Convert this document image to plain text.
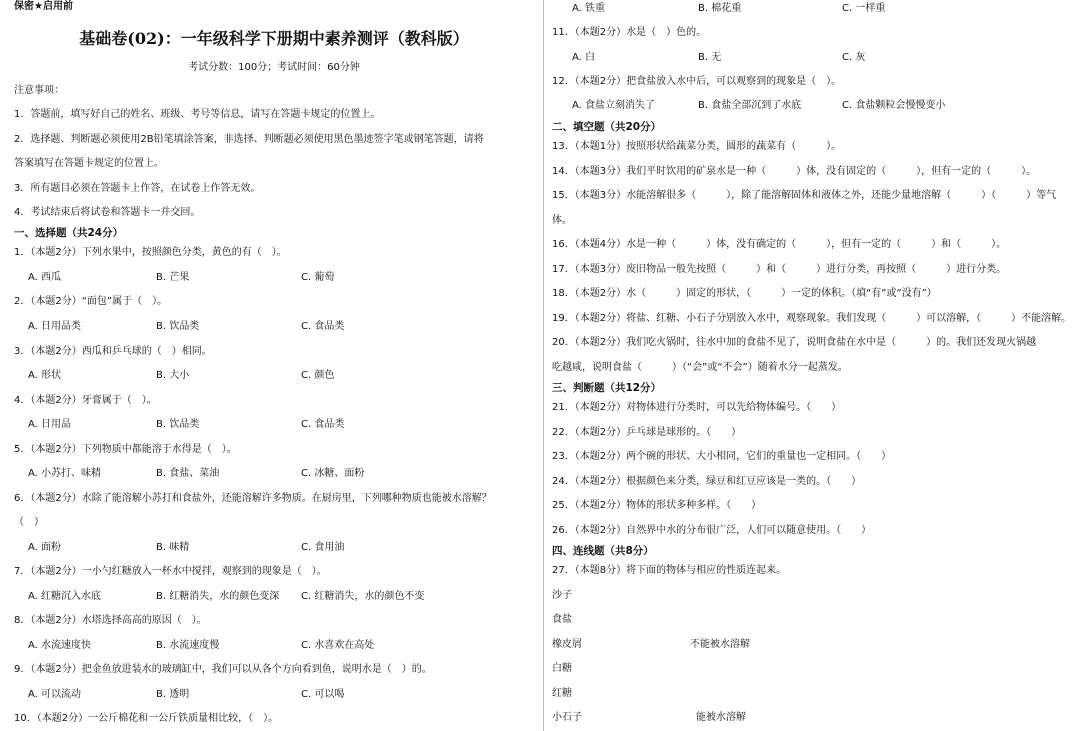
保密★启用前
基础卷(02)：一年级科学下册期中素养测评（教科版）
考试分数：100分；考试时间：60分钟
注意事项：
1．答题前，填写好自己的姓名、班级、考号等信息，请写在答题卡规定的位置上。
2．选择题、判断题必须使用2B铅笔填涂答案，非选择、判断题必须使用黑色墨迹签字笔或钢笔答题，请将
答案填写在答题卡规定的位置上。
3．所有题目必须在答题卡上作答，在试卷上作答无效。
4．考试结束后将试卷和答题卡一并交回。
一、选择题（共24分）
1．（本题2分）下列水果中，按照颜色分类，黄色的有（　）。
A. 西瓜	B. 芒果	C. 葡萄
2．（本题2分）“面包”属于（　）。
A. 日用品类	B. 饮品类	C. 食品类
3．（本题2分）西瓜和乒乓球的（　）相同。
A. 形状	B. 大小	C. 颜色
4．（本题2分）牙膏属于（　）。
A. 日用品	B. 饮品类	C. 食品类
5．（本题2分）下列物质中都能溶于水得是（　）。
A. 小苏打、味精	B. 食盐、菜油	C. 冰糖、面粉
6．（本题2分）水除了能溶解小苏打和食盐外，还能溶解许多物质。在厨房里，下列哪种物质也能被水溶解？
（　）
A. 面粉	B. 味精	C. 食用油
7．（本题2分）一小勺红糖放入一杯水中搅拌，观察到的现象是（　）。
A. 红糖沉入水底	B. 红糖消失，水的颜色变深 C. 红糖消失，水的颜色不变
8．（本题2分）水塔选择高高的原因（　）。
A. 水流速度快	B. 水流速度慢	C. 水喜欢在高处
9．（本题2分）把金鱼放进装水的玻璃缸中，我们可以从各个方向看到鱼，说明水是（　）的。
A. 可以流动	B. 透明	C. 可以喝
10．（本题2分）一公斤棉花和一公斤铁质量相比较，（　）。
A. 铁重	B. 棉花重	C. 一样重
11．（本题2分）水是（　）色的。
A. 白	B. 无	C. 灰
12．（本题2分）把食盐放入水中后，可以观察到的现象是（　）。
A. 食盐立刻消失了	B. 食盐全部沉到了水底	C. 食盐颗粒会慢慢变小
二、填空题（共20分）
13．（本题1分）按照形状给蔬菜分类，圆形的蔬菜有（　　　）。
14．（本题3分）我们平时饮用的矿泉水是一种（　　　）体，没有固定的（　　　），但有一定的（　　　）。
15．（本题3分）水能溶解很多（　　　），除了能溶解固体和液体之外，还能少量地溶解（　　　）（　　　）等气
体。
16．（本题4分）水是一种（　　　）体，没有确定的（　　　），但有一定的（　　　）和（　　　）。
17．（本题3分）废旧物品一般先按照（　　　）和（　　　）进行分类，再按照（　　　）进行分类。
18．（本题2分）水（　　　）固定的形状，（　　　）一定的体积。（填“有”或“没有”）
19．（本题2分）将盐、红糖、小石子分别放入水中，观察现象。我们发现（　　　）可以溶解，（　　　）不能溶解。
20．（本题2分）我们吃火锅时，往水中加的食盐不见了，说明食盐在水中是（　　　）的。我们还发现火锅越
吃越咸，说明食盐（　　　）（“会”或“不会”）随着水分一起蒸发。
三、判断题（共12分）
21．（本题2分）对物体进行分类时，可以先给物体编号。（　　）
22．（本题2分）乒乓球是球形的。（　　）
23．（本题2分）两个碗的形状、大小相同，它们的重量也一定相同。（　　）
24．（本题2分）根据颜色来分类，绿豆和红豆应该是一类的。（　　）
25．（本题2分）物体的形状多种多样。（　　）
26．（本题2分）自然界中水的分布很广泛，人们可以随意使用。（　　）
四、连线题（共8分）
27．（本题8分）将下面的物体与相应的性质连起来。
沙子
食盐
橡皮屑	不能被水溶解
白糖
红糖
小石子	能被水溶解
